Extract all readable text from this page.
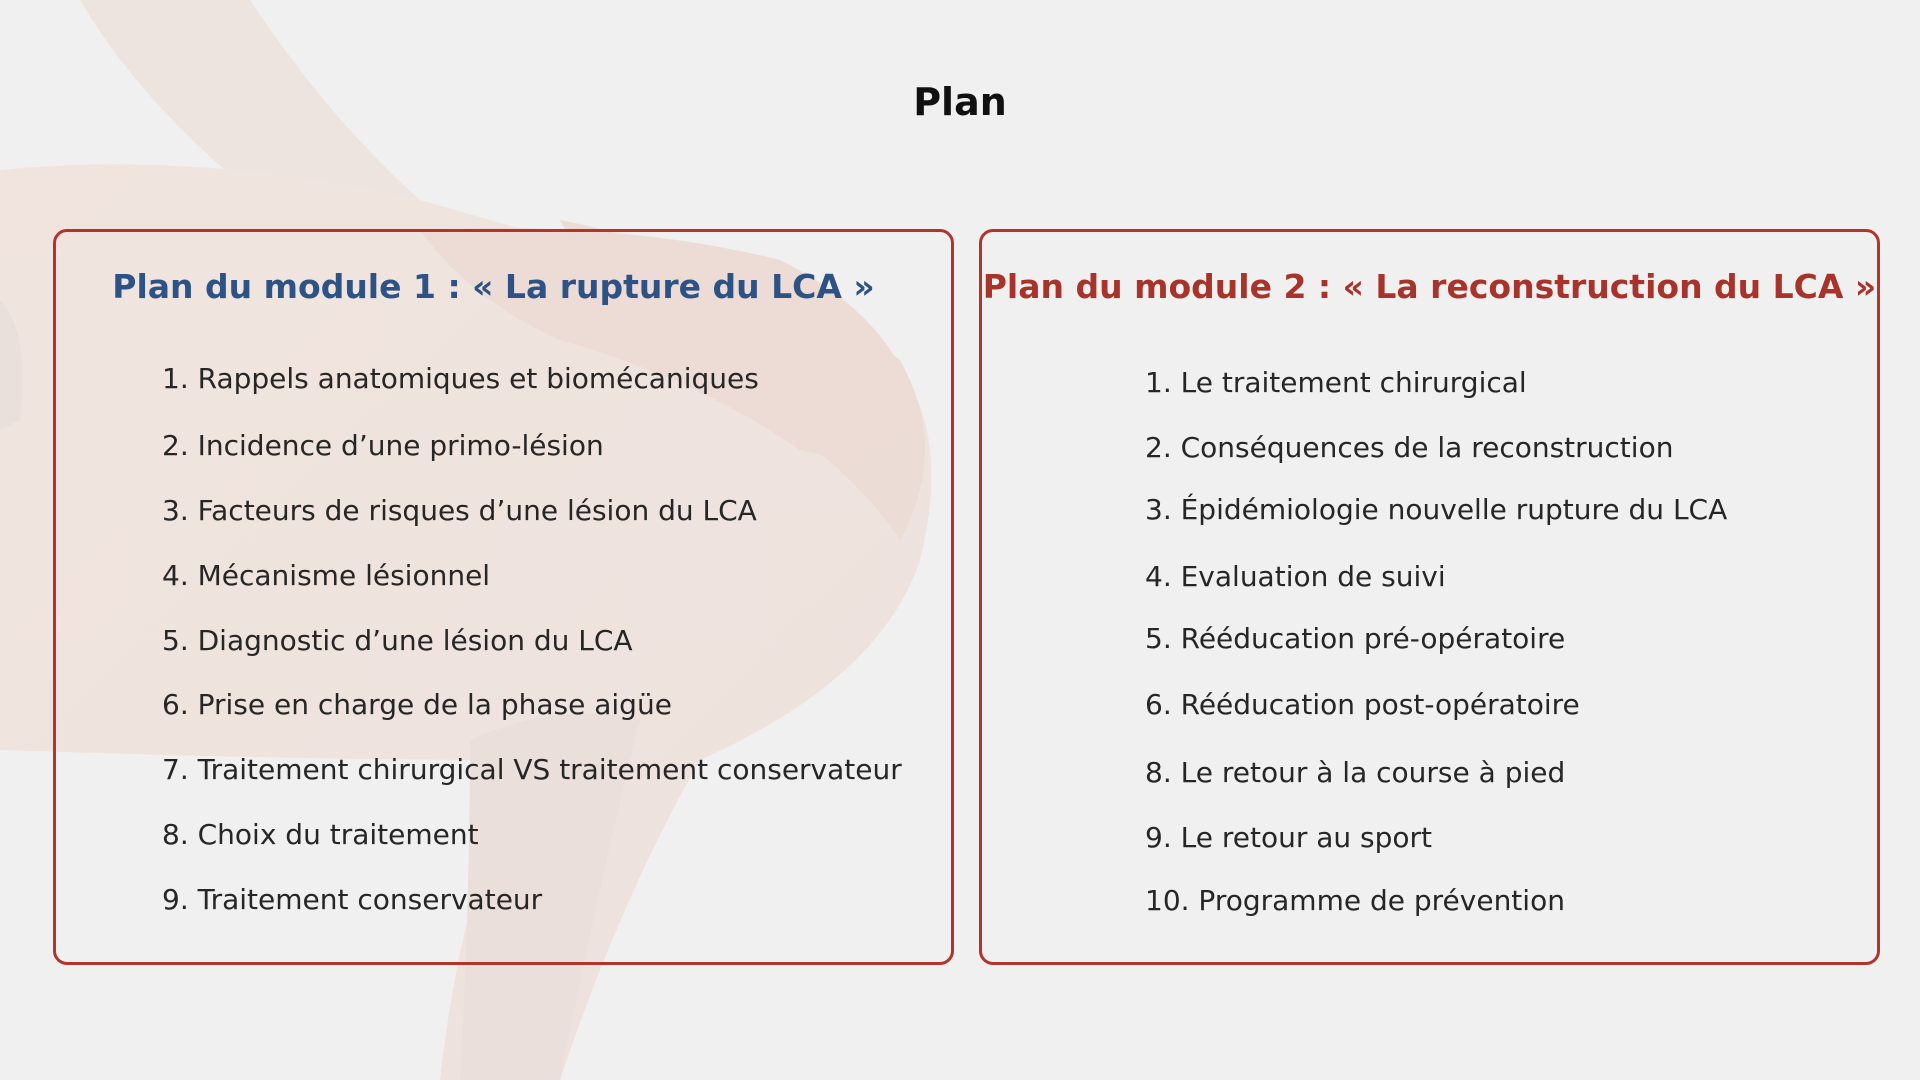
Plan
Plan du module 1 : « La rupture du LCA »
1. Rappels anatomiques et biomécaniques
2. Incidence d’une primo-lésion
3. Facteurs de risques d’une lésion du LCA
4. Mécanisme lésionnel
5. Diagnostic d’une lésion du LCA
6. Prise en charge de la phase aigüe
7. Traitement chirurgical VS traitement conservateur
8. Choix du traitement
9. Traitement conservateur
Plan du module 2 : « La reconstruction du LCA »
1. Le traitement chirurgical
2. Conséquences de la reconstruction
3. Épidémiologie nouvelle rupture du LCA
4. Evaluation de suivi
5. Rééducation pré-opératoire
6. Rééducation post-opératoire
8. Le retour à la course à pied
9. Le retour au sport
10. Programme de prévention
